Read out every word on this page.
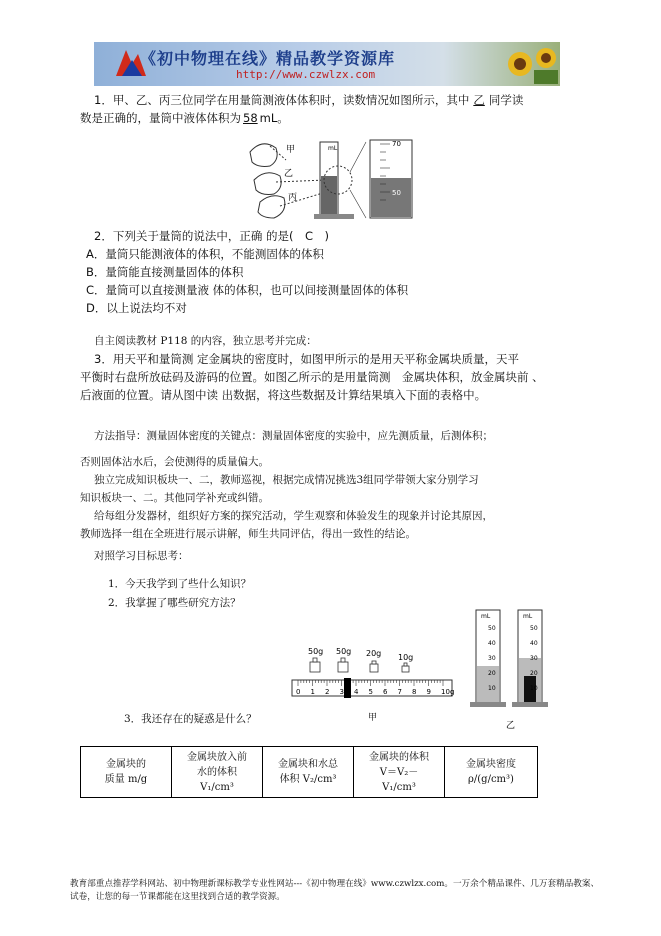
《初中物理在线》精品教学资源库
http://www.czwlzx.com
1．甲、乙、丙三位同学在用量筒测液体体积时，读数情况如图所示，其中 乙 同学读
数是正确的，量筒中液体体积为 58 mL。
甲
乙
丙
mL
70
60
50
2．下列关于量筒的说法中，正确 的是(　C　)
A．量筒只能测液体的体积，不能测固体的体积
B．量筒能直接测量固体的体积
C．量筒可以直接测量液 体的体积，也可以间接测量固体的体积
D．以上说法均不对
自主阅读教材 P118 的内容，独立思考并完成：
3．用天平和量筒测 定金属块的密度时，如图甲所示的是用天平称金属块质量，天平
平衡时右盘所放砝码及游码的位置。如图乙所示的是用量筒测　金属块体积，放金属块前 、
后液面的位置。请从图中读 出数据，将这些数据及计算结果填入下面的表格中。
方法指导：测量固体密度的关键点：测量固体密度的实验中，应先测质量，后测体积；
否则固体沾水后，会使测得的质量偏大。
独立完成知识板块一、二，教师巡视，根据完成情况挑选3组同学带领大家分别学习
知识板块一、二。其他同学补充或纠错。
给每组分发器材，组织好方案的探究活动，学生观察和体验发生的现象并讨论其原因，
教师选择一组在全班进行展示讲解，师生共同评估，得出一致性的结论。
对照学习目标思考：
1．今天我学到了些什么知识？
2．我掌握了哪些研究方法？
3．我还存在的疑惑是什么？
50g 50g 20g 10g
0 1 2 3 4 5 6 7 8 9 10 g
甲
mL	mL
50	50
40	40
30	30
20	20
10	10
乙
金属块的
质量 m/g

金属块放入前
水的体积
V₁/cm³

金属块和水总
体积 V₂/cm³

金属块的体积
V＝V₂－
V₁/cm³

金属块密度
ρ/(g/cm³)
教育部重点推荐学科网站、初中物理新课标教学专业性网站---《初中物理在线》www.czwlzx.com。一万余个精品课件、几万套精品教案、试卷，让您的每一节课都能在这里找到合适的教学资源。
